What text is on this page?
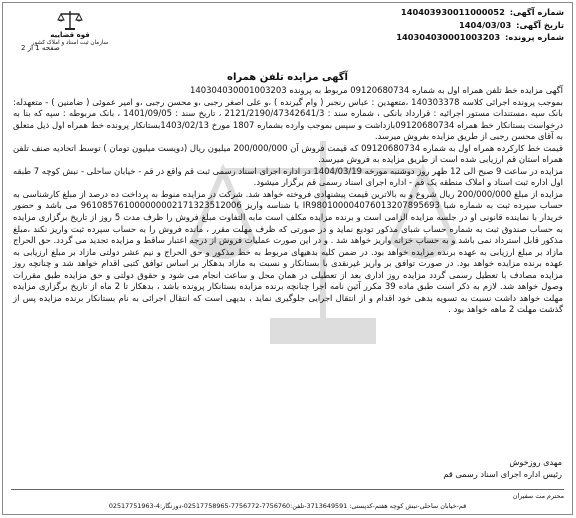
شماره آگهی: 140403930011000052
تاریخ آگهی: 1404/03/03
شماره پرونده: 140304030001003203
قوه قضاییه
سازمان ثبت اسناد و املاک کشور
صفحه 1 از 2
آگهی مزایده تلفن همراه

آگهی مزایده خط تلفن همراه اول به شماره 09120680734 مربوط به پرونده 140304030001003203

بموجب پرونده اجرائی کلاسه 140303378 ،متعهدین : عباس رنجبر ( وام گیرنده ) ،و علی اصغر رجبی ،و محسن رجبی ،و امیر عموئی ( ضامنین ) - متعهدله: بانک سپه ،مستندات مستور اجرائیه : قرارداد بانکی ، شماره سند : 2121/2190/47342641/3 ، تاریخ سند : 1401/09/05 ، بانک مربوطه : سپه که بنا به درخواست بستانکار خط همراه 09120680734بازداشت و سپس بموجب وارده بشماره 1807 مورخ 1403/02/13بستانکار پرونده خط همراه اول ذیل متعلق به آقای محسن رجبی از طریق مزایده بفروش میرسد.

قیمت خط کارکرده همراه اول به شماره 09120680734 که قیمت فروش آن 200/000/000 میلیون ریال (دویست میلیون تومان ) توسط اتحادیه صنف تلفن همراه استان قم ارزیابی شده است از طریق مزایده به فروش میرسد.

مزایده در ساعت 9 صبح الی 12 ظهر روز دوشنبه مورخه 1404/03/19 در اداره اجرای اسناد رسمی ثبت قم واقع در قم - خیابان ساحلی - نبش کوچه 7 طبقه اول اداره ثبت اسناد و املاک منطقه یک قم - اداره اجرای اسناد رسمی قم برگزار میشود.

مزایده از مبلغ 200/000/000 ریال شروع و به بالاترین قیمت پیشنهادی فروخته خواهد شد. شرکت در مزایده منوط به پرداخت ده درصد از مبلغ کارشناسی به حساب سپرده ثبت به شماره شبا IR980100004076013207895693 با شناسه واریز 961085761000000002171323512006 می باشد و حضور خریدار با نماینده قانونی او در جلسه مزایده الزامی است و برنده مزایده مکلف است مابه التفاوت مبلغ فروش را ظرف مدت 5 روز از تاریخ برگزاری مزایده به حساب صندوق ثبت به شماره حساب شبای مذکور تودیع نماید و در صورتی که ظرف مهلت مقرر ، مانده فروش را به حساب سپرده ثبت واریز نکند ،مبلغ مذکور قابل استرداد نمی باشد و به حساب خزانه واریز خواهد شد . و در این صورت عملیات فروش از درجه اعتبار ساقط و مزایده تجدید می گردد. حق الحراج مازاد بر مبلغ ارزیابی به عهده برنده مزایده خواهد بود. در ضمن کلیه بدهیهای مربوط به خط مذکور و حق الحراج و نیم عشر دولتی مازاد بر مبلغ ارزیابی به عهده برنده مزایده خواهد بود. در صورت توافق بر واریز غیرنقدی با بستانکار و نسبت به مازاد بدهکار بر اساس توافق کتبی اقدام خواهد شد و چنانچه روز مزایده مصادف با تعطیل رسمی گردد مزایده روز اداری بعد از تعطیلی در همان محل و ساعت انجام می شود و حقوق دولتی و حق مزایده طبق مقررات وصول خواهد شد. لازم به ذکر است طبق ماده 39 مکرر آئین نامه اجرا چنانچه برنده مزایده بستانکار پرونده باشد ، بدهکار تا 2 ماه از تاریخ برگزاری مزایده مهلت خواهد داشت نسبت به تسویه بدهی خود اقدام و از انتقال اجرایی جلوگیری نماید ، بدیهی است که انتقال اجرائی به نام بستانکار برنده مزایده پس از گذشت مهلت 2 ماهه خواهد بود .

مهدی روزخوش
رئیس اداره اجرای اسناد رسمی قم
محترم مت سفیران
قم-خیابان ساحلی-نبش کوچه هفتم-کدپستی: 3713649591-تلفن:7756760-7756772-02517758965-دورنگار:4-02517751963
